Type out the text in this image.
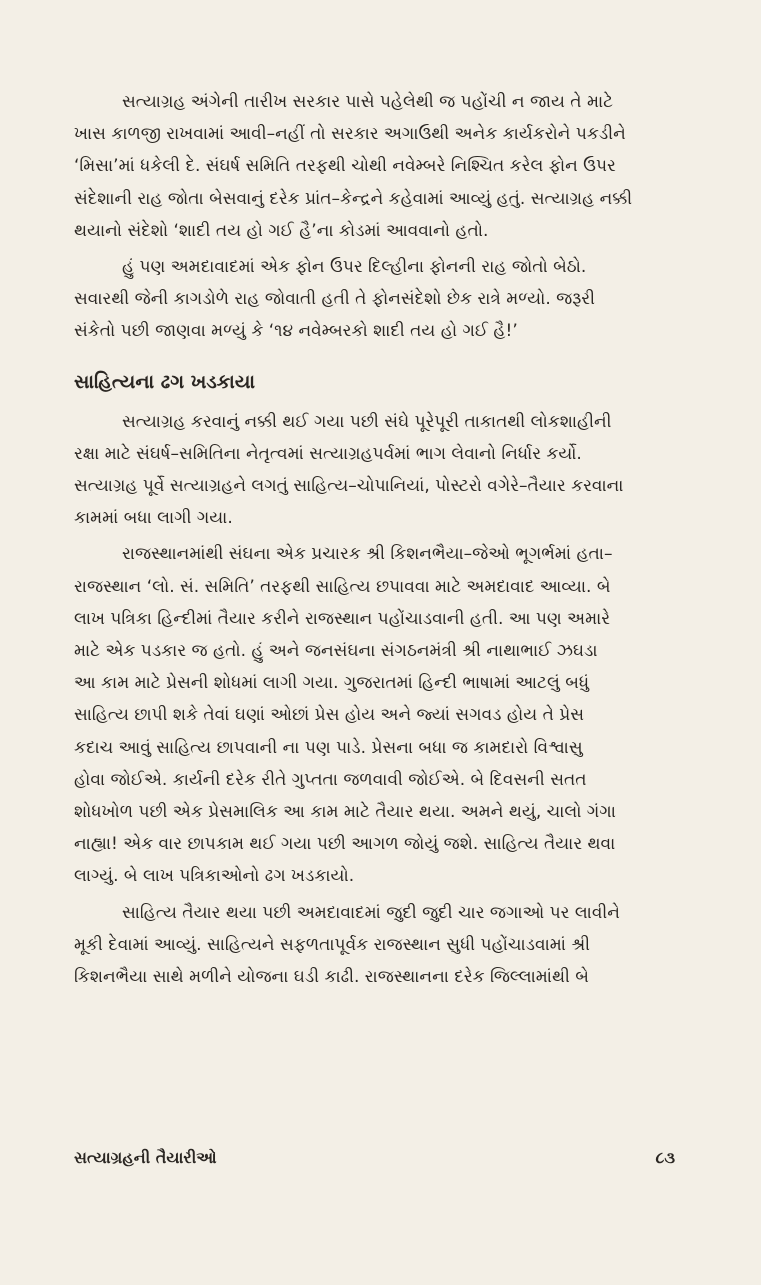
સત્યાગ્રહ અંગેની તારીખ સરકાર પાસે પહેલેથી જ પહોંચી ન જાય તે માટે
ખાસ કાળજી રાખવામાં આવી–નહીં તો સરકાર અગાઉથી અનેક કાર્યકરોને પકડીને
‘મિસા’માં ધકેલી દે. સંઘર્ષ સમિતિ તરફથી ચોથી નવેમ્બરે નિશ્ચિત કરેલ ફોન ઉપર
સંદેશાની રાહ જોતા બેસવાનું દરેક પ્રાંત–કેન્દ્રને કહેવામાં આવ્યું હતું. સત્યાગ્રહ નક્કી
થયાનો સંદેશો ‘શાદી તય હો ગઈ હૈ’ના કોડમાં આવવાનો હતો.
હું પણ અમદાવાદમાં એક ફોન ઉપર દિલ્હીના ફોનની રાહ જોતો બેઠો.
સવારથી જેની કાગડોળે રાહ જોવાતી હતી તે ફોનસંદેશો છેક રાત્રે મળ્યો. જરૂરી
સંકેતો પછી જાણવા મળ્યું કે ‘૧૪ નવેમ્બરકો શાદી તય હો ગઈ હૈ!’
સાહિત્યના ઢગ ખડકાયા
સત્યાગ્રહ કરવાનું નક્કી થઈ ગયા પછી સંઘે પૂરેપૂરી તાકાતથી લોકશાહીની
રક્ષા માટે સંઘર્ષ–સમિતિના નેતૃત્વમાં સત્યાગ્રહપર્વમાં ભાગ લેવાનો નિર્ધાર કર્યો.
સત્યાગ્રહ પૂર્વે સત્યાગ્રહને લગતું સાહિત્ય–ચોપાનિયાં, પોસ્ટરો વગેરે–તૈયાર કરવાના
કામમાં બધા લાગી ગયા.
રાજસ્થાનમાંથી સંઘના એક પ્રચારક શ્રી કિશનભૈયા–જેઓ ભૂગર્ભમાં હતા–
રાજસ્થાન ‘લો. સં. સમિતિ’ તરફથી સાહિત્ય છપાવવા માટે અમદાવાદ આવ્યા. બે
લાખ પત્રિકા હિન્દીમાં તૈયાર કરીને રાજસ્થાન પહોંચાડવાની હતી. આ પણ અમારે
માટે એક પડકાર જ હતો. હું અને જનસંઘના સંગઠનમંત્રી શ્રી નાથાભાઈ ઝઘડા
આ કામ માટે પ્રેસની શોધમાં લાગી ગયા. ગુજરાતમાં હિન્દી ભાષામાં આટલું બધું
સાહિત્ય છાપી શકે તેવાં ઘણાં ઓછાં પ્રેસ હોય અને જ્યાં સગવડ હોય તે પ્રેસ
કદાચ આવું સાહિત્ય છાપવાની ના પણ પાડે. પ્રેસના બધા જ કામદારો વિશ્વાસુ
હોવા જોઈએ. કાર્યની દરેક રીતે ગુપ્તતા જળવાવી જોઈએ. બે દિવસની સતત
શોધખોળ પછી એક પ્રેસમાલિક આ કામ માટે તૈયાર થયા. અમને થયું, ચાલો ગંગા
નાહ્યા! એક વાર છાપકામ થઈ ગયા પછી આગળ જોયું જશે. સાહિત્ય તૈયાર થવા
લાગ્યું. બે લાખ પત્રિકાઓનો ઢગ ખડકાયો.
સાહિત્ય તૈયાર થયા પછી અમદાવાદમાં જુદી જુદી ચાર જગાઓ પર લાવીને
મૂકી દેવામાં આવ્યું. સાહિત્યને સફળતાપૂર્વક રાજસ્થાન સુધી પહોંચાડવામાં શ્રી
કિશનભૈયા સાથે મળીને યોજના ઘડી કાઢી. રાજસ્થાનના દરેક જિલ્લામાંથી બે
સત્યાગ્રહની તૈયારીઓ	૮૩
